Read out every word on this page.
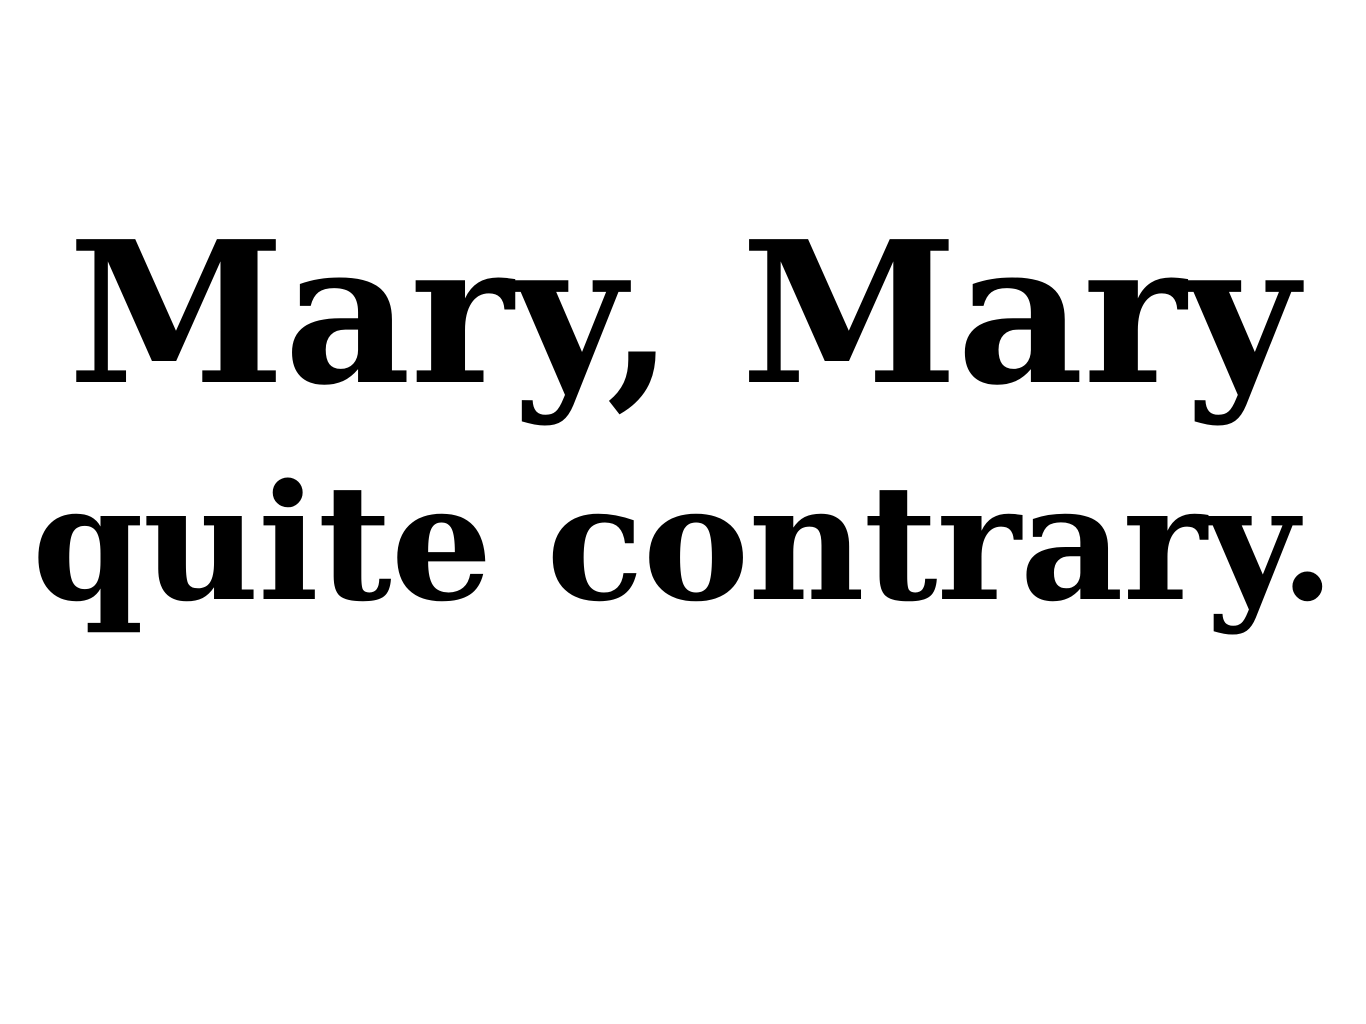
Mary, Mary
quite contrary.
